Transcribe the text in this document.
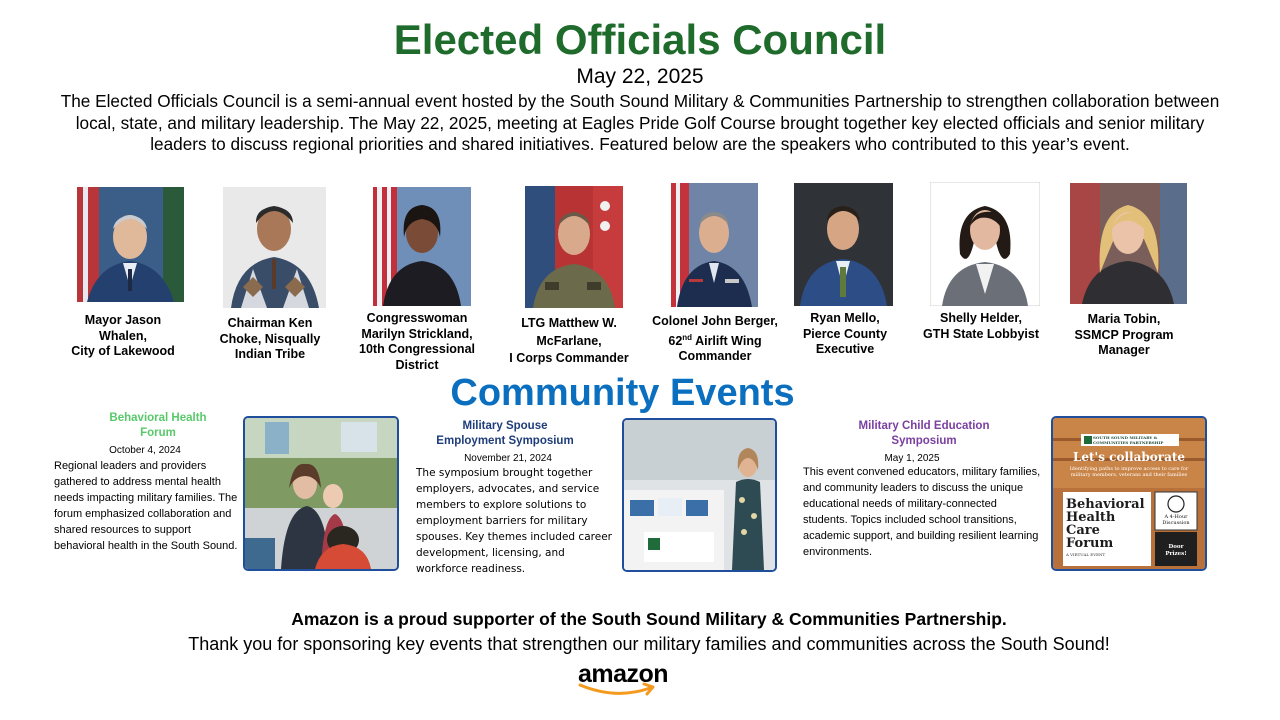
Elected Officials Council
May 22, 2025
The Elected Officials Council is a semi-annual event hosted by the South Sound Military & Communities Partnership to strengthen collaboration between local, state, and military leadership. The May 22, 2025, meeting at Eagles Pride Golf Course brought together key elected officials and senior military leaders to discuss regional priorities and shared initiatives. Featured below are the speakers who contributed to this year’s event.
Mayor Jason
Whalen,
City of Lakewood
Chairman Ken
Choke, Nisqually
Indian Tribe
Congresswoman
Marilyn Strickland,
10th Congressional
District
LTG Matthew W.
McFarlane,
I Corps Commander
Colonel John Berger,
62nd Airlift Wing
Commander
Ryan Mello,
Pierce County
Executive
Shelly Helder,
GTH State Lobbyist
Maria Tobin,
SSMCP Program
Manager
Community Events
Behavioral Health Forum
October 4, 2024
Regional leaders and providers gathered to address mental health needs impacting military families. The forum emphasized collaboration and shared resources to support behavioral health in the South Sound.
Military Spouse Employment Symposium
November 21, 2024
The symposium brought together employers, advocates, and service members to explore solutions to employment barriers for military spouses. Key themes included career development, licensing, and workforce readiness.
Military Child Education Symposium
May 1, 2025
This event convened educators, military families, and community leaders to discuss the unique educational needs of military-connected students. Topics included school transitions, academic support, and building resilient learning environments.
SOUTH SOUND MILITARY & COMMUNITIES PARTNERSHIP
Let's collaborate
Identifying paths to improve access to care for military members, veterans and their families
Behavioral
Health
Care
Forum
A VIRTUAL EVENT
A 4-Hour Discussion
Door Prizes!
Amazon is a proud supporter of the South Sound Military & Communities Partnership.
Thank you for sponsoring key events that strengthen our military families and communities across the South Sound!
amazon
